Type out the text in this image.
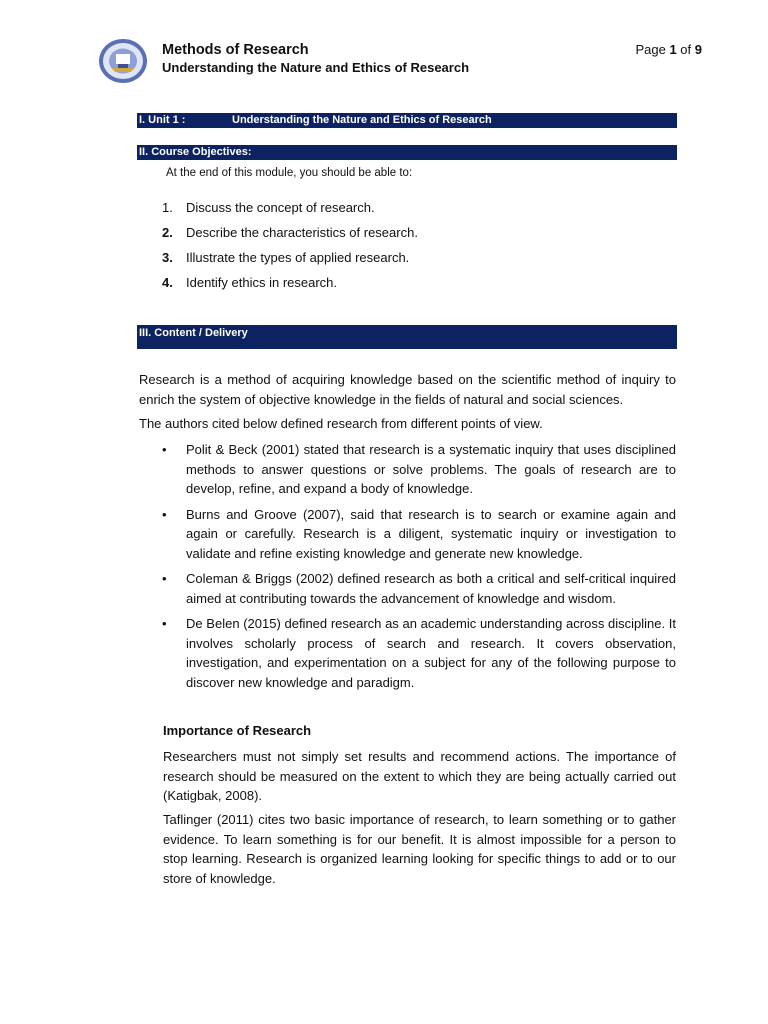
Methods of Research
Understanding the Nature and Ethics of Research
Page 1 of 9
I. Unit 1 :	Understanding the Nature and Ethics of Research
II. Course Objectives:
At the end of this module, you should be able to:
1.	Discuss the concept of research.
2.	Describe the characteristics of research.
3.	Illustrate the types of applied research.
4.	Identify ethics in research.
III. Content / Delivery
Research is a method of acquiring knowledge based on the scientific method of inquiry to enrich the system of objective knowledge in the fields of natural and social sciences.
The authors cited below defined research from different points of view.
• Polit & Beck (2001) stated that research is a systematic inquiry that uses disciplined methods to answer questions or solve problems. The goals of research are to develop, refine, and expand a body of knowledge.
• Burns and Groove (2007), said that research is to search or examine again and again or carefully. Research is a diligent, systematic inquiry or investigation to validate and refine existing knowledge and generate new knowledge.
• Coleman & Briggs (2002) defined research as both a critical and self-critical inquired aimed at contributing towards the advancement of knowledge and wisdom.
• De Belen (2015) defined research as an academic understanding across discipline. It involves scholarly process of search and research. It covers observation, investigation, and experimentation on a subject for any of the following purpose to discover new knowledge and paradigm.
Importance of Research
Researchers must not simply set results and recommend actions. The importance of research should be measured on the extent to which they are being actually carried out (Katigbak, 2008).
Taflinger (2011) cites two basic importance of research, to learn something or to gather evidence. To learn something is for our benefit. It is almost impossible for a person to stop learning. Research is organized learning looking for specific things to add or to our store of knowledge.
